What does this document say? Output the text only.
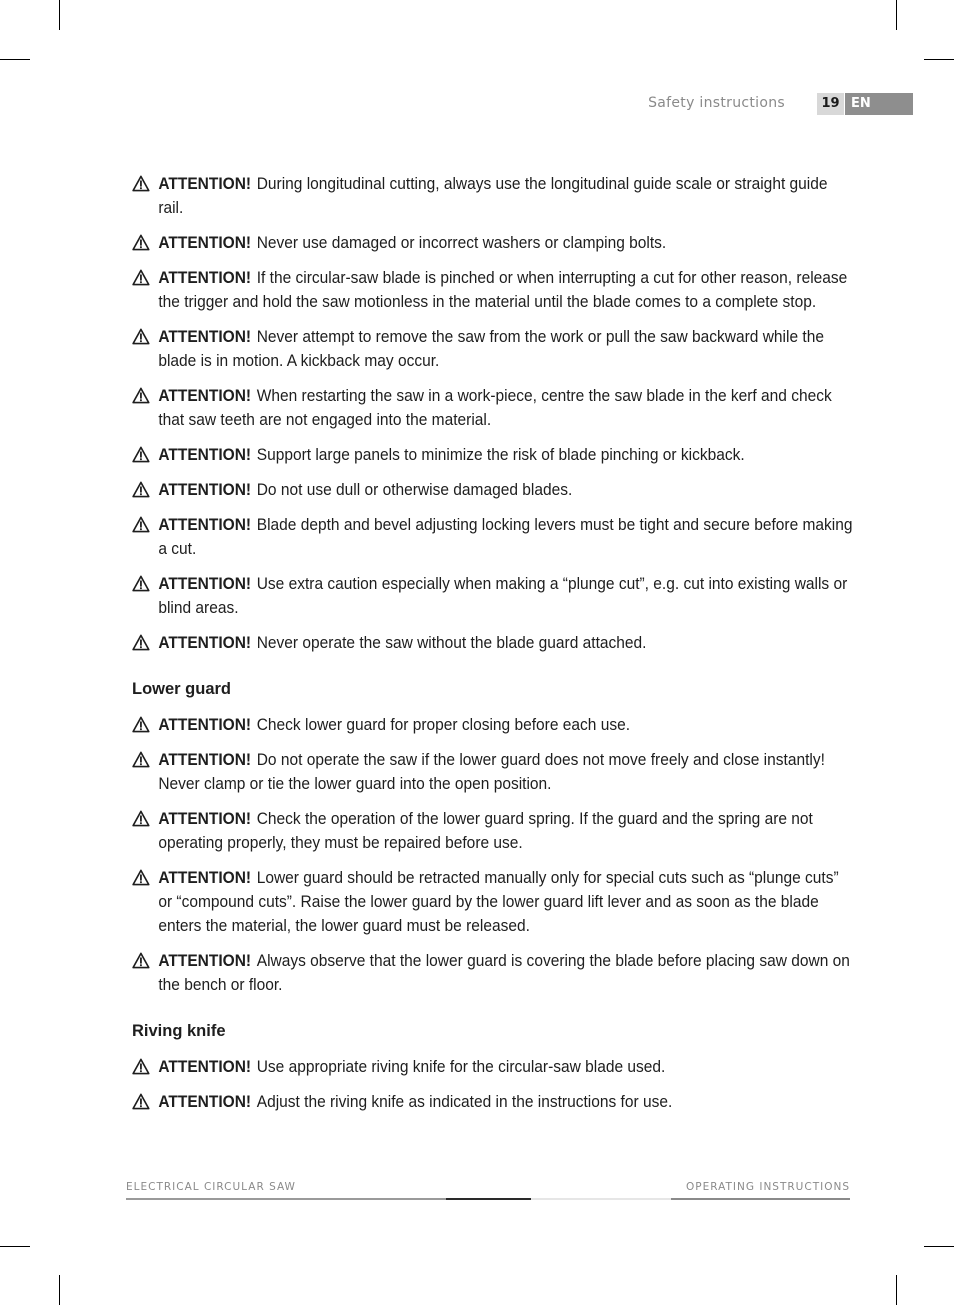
Safety instructions	19 EN
ATTENTION! During longitudinal cutting, always use the longitudinal guide scale or straight guide rail.
ATTENTION! Never use damaged or incorrect washers or clamping bolts.
ATTENTION! If the circular-saw blade is pinched or when interrupting a cut for other reason, release the trigger and hold the saw motionless in the material until the blade comes to a complete stop.
ATTENTION! Never attempt to remove the saw from the work or pull the saw backward while the blade is in motion. A kickback may occur.
ATTENTION! When restarting the saw in a work-piece, centre the saw blade in the kerf and check that saw teeth are not engaged into the material.
ATTENTION! Support large panels to minimize the risk of blade pinching or kickback.
ATTENTION! Do not use dull or otherwise damaged blades.
ATTENTION! Blade depth and bevel adjusting locking levers must be tight and secure before making a cut.
ATTENTION! Use extra caution especially when making a “plunge cut”, e.g. cut into existing walls or blind areas.
ATTENTION! Never operate the saw without the blade guard attached.
Lower guard
ATTENTION! Check lower guard for proper closing before each use.
ATTENTION! Do not operate the saw if the lower guard does not move freely and close instantly! Never clamp or tie the lower guard into the open position.
ATTENTION! Check the operation of the lower guard spring. If the guard and the spring are not operating properly, they must be repaired before use.
ATTENTION! Lower guard should be retracted manually only for special cuts such as “plunge cuts” or “compound cuts”. Raise the lower guard by the lower guard lift lever and as soon as the blade enters the material, the lower guard must be released.
ATTENTION! Always observe that the lower guard is covering the blade before placing saw down on the bench or floor.
Riving knife
ATTENTION! Use appropriate riving knife for the circular-saw blade used.
ATTENTION! Adjust the riving knife as indicated in the instructions for use.
ELECTRICAL CIRCULAR SAW	OPERATING INSTRUCTIONS
